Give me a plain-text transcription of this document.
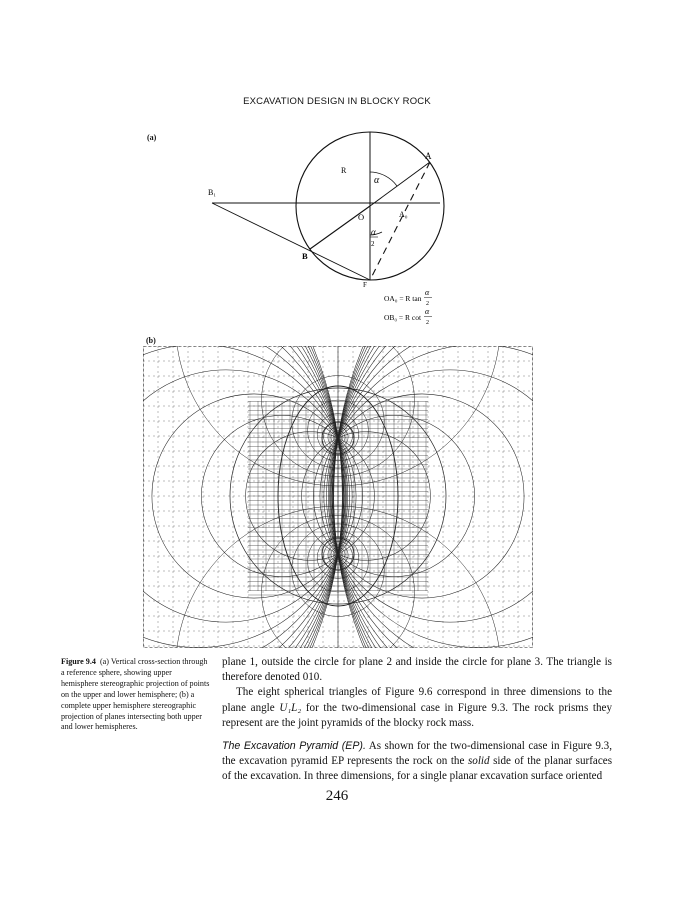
EXCAVATION DESIGN IN BLOCKY ROCK
(a)
A
R
α
B₁
O	A₀
α
2
B
F
OA₀ = R tan
α
2
OB₀ = R cot
α
2
(b)
Figure 9.4 (a) Vertical cross-section through a reference sphere, showing upper hemisphere stereographic projection of points on the upper and lower hemisphere; (b) a complete upper hemisphere stereographic projection of planes intersecting both upper and lower hemispheres.

plane 1, outside the circle for plane 2 and inside the circle for plane 3. The triangle is therefore denoted 010.

The eight spherical triangles of Figure 9.6 correspond in three dimensions to the plane angle U₁L₂ for the two-dimensional case in Figure 9.3. The rock prisms they represent are the joint pyramids of the blocky rock mass.

The Excavation Pyramid (EP). As shown for the two-dimensional case in Figure 9.3, the excavation pyramid EP represents the rock on the solid side of the planar surfaces of the excavation. In three dimensions, for a single planar excavation surface oriented

246
